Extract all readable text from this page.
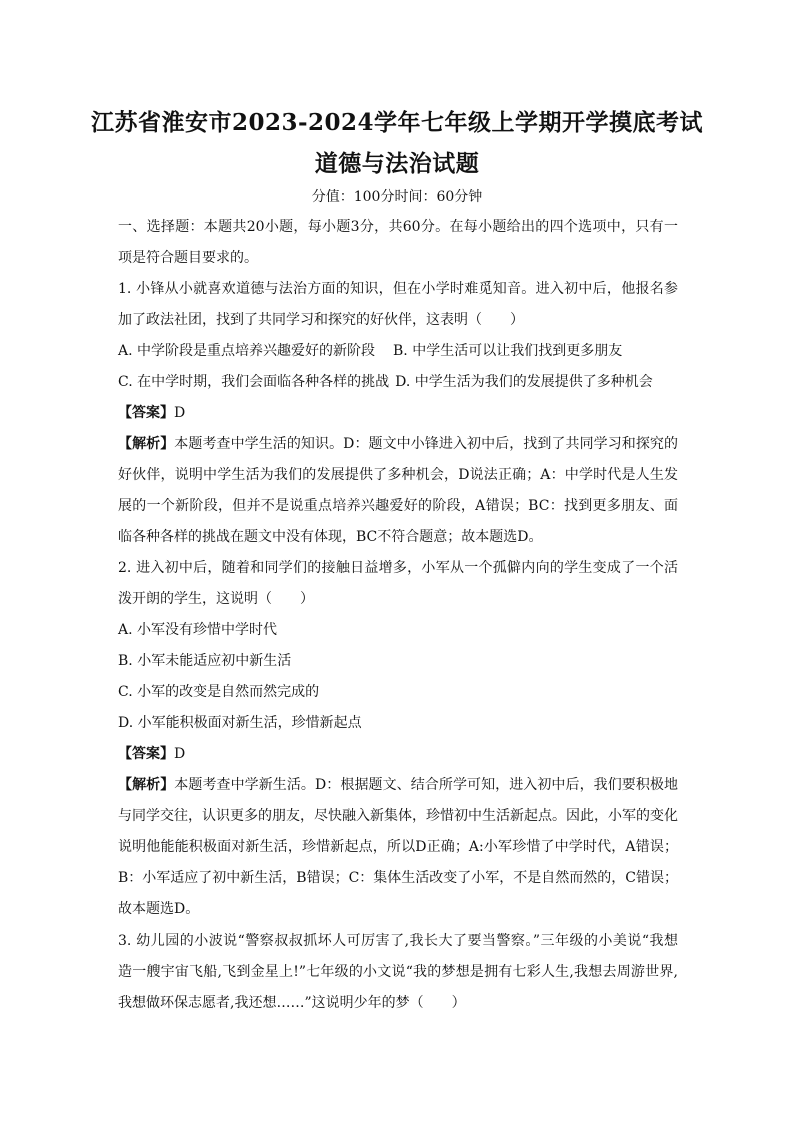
江苏省淮安市2023-2024学年七年级上学期开学摸底考试
道德与法治试题
分值：100分时间：60分钟
一、选择题：本题共20小题，每小题3分，共60分。在每小题给出的四个选项中，只有一
项是符合题目要求的。
1. 小锋从小就喜欢道德与法治方面的知识，但在小学时难觅知音。进入初中后，他报名参
加了政法社团，找到了共同学习和探究的好伙伴，这表明（　　）
A. 中学阶段是重点培养兴趣爱好的新阶段 B. 中学生活可以让我们找到更多朋友
C. 在中学时期，我们会面临各种各样的挑战 D. 中学生活为我们的发展提供了多种机会
【答案】D
【解析】本题考查中学生活的知识。D：题文中小锋进入初中后，找到了共同学习和探究的
好伙伴，说明中学生活为我们的发展提供了多种机会，D说法正确；A：中学时代是人生发
展的一个新阶段，但并不是说重点培养兴趣爱好的阶段，A错误；BC：找到更多朋友、面
临各种各样的挑战在题文中没有体现，BC不符合题意；故本题选D。
2. 进入初中后，随着和同学们的接触日益增多，小军从一个孤僻内向的学生变成了一个活
泼开朗的学生，这说明（　　）
A. 小军没有珍惜中学时代
B. 小军未能适应初中新生活
C. 小军的改变是自然而然完成的
D. 小军能积极面对新生活，珍惜新起点
【答案】D
【解析】本题考查中学新生活。D：根据题文、结合所学可知，进入初中后，我们要积极地
与同学交往，认识更多的朋友，尽快融入新集体，珍惜初中生活新起点。因此，小军的变化
说明他能能积极面对新生活，珍惜新起点，所以D正确；A:小军珍惜了中学时代，A错误；
B：小军适应了初中新生活，B错误；C：集体生活改变了小军，不是自然而然的，C错误；
故本题选D。
3. 幼儿园的小波说“警察叔叔抓坏人可厉害了,我长大了要当警察。”三年级的小美说“我想
造一艘宇宙飞船,飞到金星上!”七年级的小文说“我的梦想是拥有七彩人生,我想去周游世界,
我想做环保志愿者,我还想……”这说明少年的梦（　　）
